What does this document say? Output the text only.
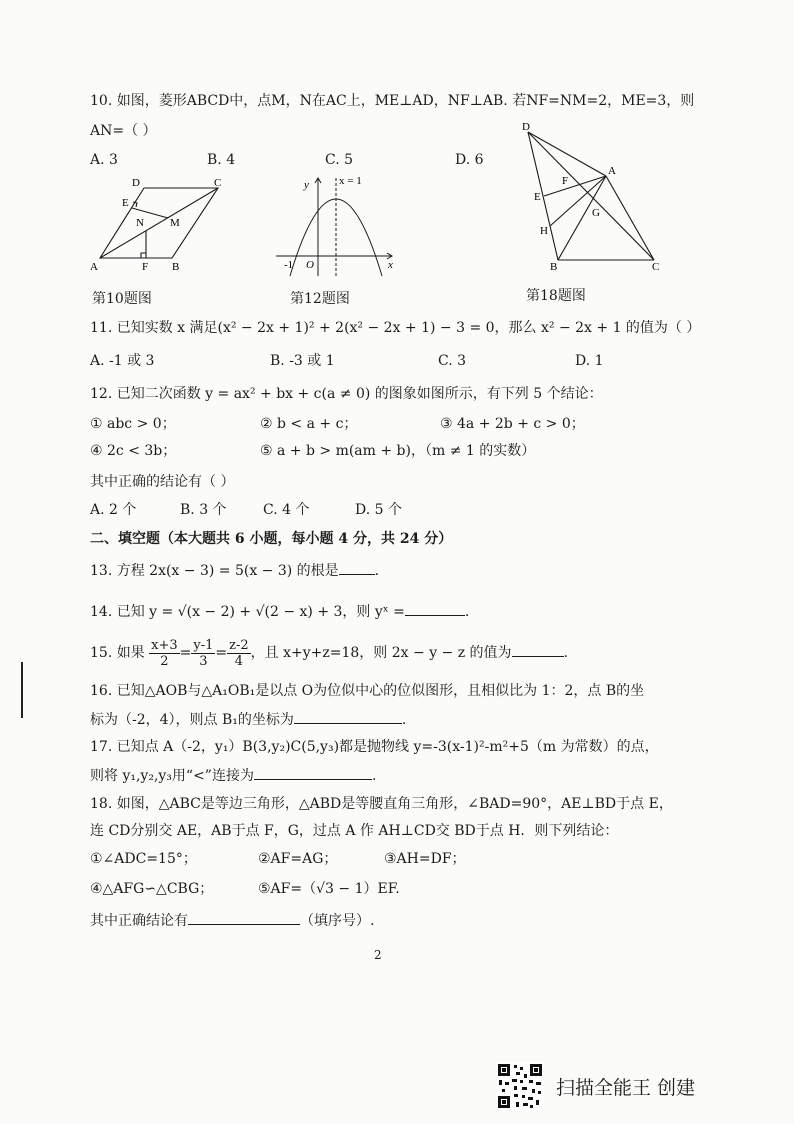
10. 如图，菱形ABCD中，点M，N在AC上，ME⊥AD，NF⊥AB. 若NF=NM=2，ME=3，则
AN=（ ）
A. 3	B. 4	C. 5	D. 6
A	B
C
D
E
F
M
N
第10题图
y
x
x = 1
-1 O
第12题图
D
A
B	C
E
F
G
H
第18题图
11. 已知实数 x 满足(x² − 2x + 1)² + 2(x² − 2x + 1) − 3 = 0，那么 x² − 2x + 1 的值为（ ）
A. -1 或 3	B. -3 或 1	C. 3	D. 1
12. 已知二次函数 y = ax² + bx + c(a ≠ 0) 的图象如图所示，有下列 5 个结论：
① abc > 0；	② b < a + c；	③ 4a + 2b + c > 0；
④ 2c < 3b；	⑤ a + b > m(am + b)，（m ≠ 1 的实数）
其中正确的结论有（ ）
A. 2 个	B. 3 个	C. 4 个	D. 5 个
二、填空题（本大题共 6 小题，每小题 4 分，共 24 分）
13. 方程 2x(x − 3) = 5(x − 3) 的根是	.
14. 已知 y = √(x − 2) + √(2 − x) + 3，则 yˣ =	.
15. 如果 $\frac{x+3}{2} = \frac{y-1}{3} = \frac{z-2}{4}$ ，且 x+y+z=18，则 2x − y − z 的值为	.
16. 已知△AOB与△A₁OB₁是以点 O为位似中心的位似图形，且相似比为 1：2，点 B的坐
标为（-2，4），则点 B₁的坐标为	.
17. 已知点 A（-2，y₁）B(3,y₂)C(5,y₃)都是抛物线 y=-3(x-1)²-m²+5（m 为常数）的点，
则将 y₁,y₂,y₃用“<”连接为	.
18. 如图，△ABC是等边三角形，△ABD是等腰直角三角形，∠BAD=90°，AE⊥BD于点 E，
连 CD分别交 AE，AB于点 F，G，过点 A 作 AH⊥CD交 BD于点 H．则下列结论：
①∠ADC=15°；	②AF=AG；	③AH=DF；
④△AFG∽△CBG；	⑤AF=（√3 − 1）EF.
其中正确结论有	（填序号）.
2
扫描全能王 创建
